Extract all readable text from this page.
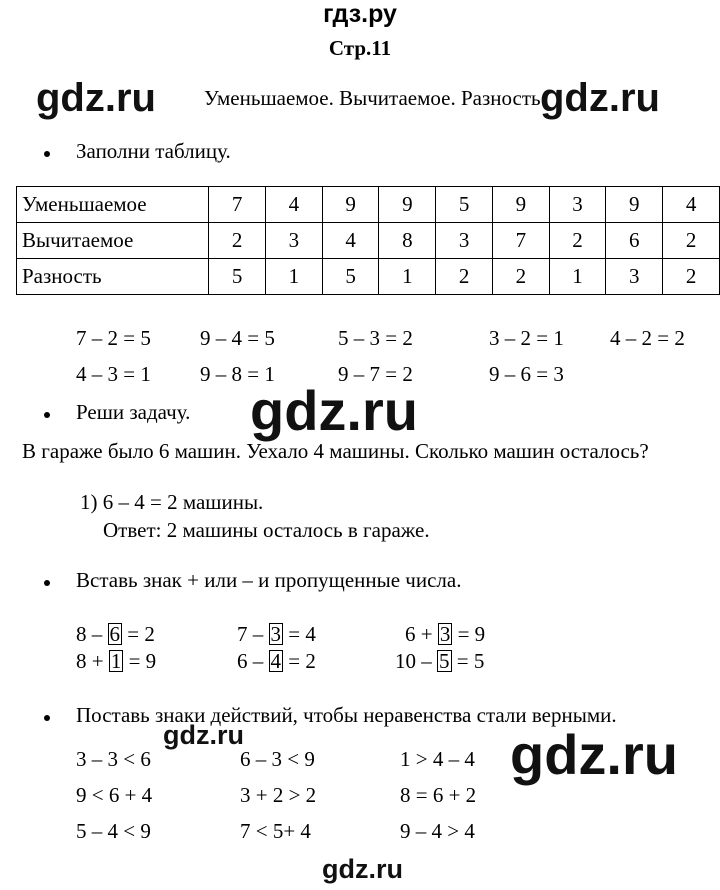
гдз.ру
Стр.11
gdz.ru Уменьшаемое. Вычитаемое. Разность gdz.ru
Заполни таблицу.
Уменьшаемое	7	4	9	9	5	9	3	9	4
Вычитаемое	2	3	4	8	3	7	2	6	2
Разность	5	1	5	1	2	2	1	3	2
7 – 2 = 5 9 – 4 = 5	5 – 3 = 2	3 – 2 = 1 4 – 2 = 2
4 – 3 = 1 9 – 8 = 1	9 – 7 = 2	9 – 6 = 3
Реши задачу. gdz.ru
В гараже было 6 машин. Уехало 4 машины. Сколько машин осталось?
1) 6 – 4 = 2 машины.
Ответ: 2 машины осталось в гараже.
Вставь знак + или – и пропущенные числа.
8 – 6 = 2	7 – 3 = 4	6 + 3 = 9
8 + 1 = 9	6 – 4 = 2	10 – 5 = 5
Поставь знаки действий, чтобы неравенства стали верными.
gdz.ru	gdz.ru
3 – 3 < 6	6 – 3 < 9	1 > 4 – 4
9 < 6 + 4	3 + 2 > 2	8 = 6 + 2
5 – 4 < 9	7 < 5+ 4	9 – 4 > 4
gdz.ru
